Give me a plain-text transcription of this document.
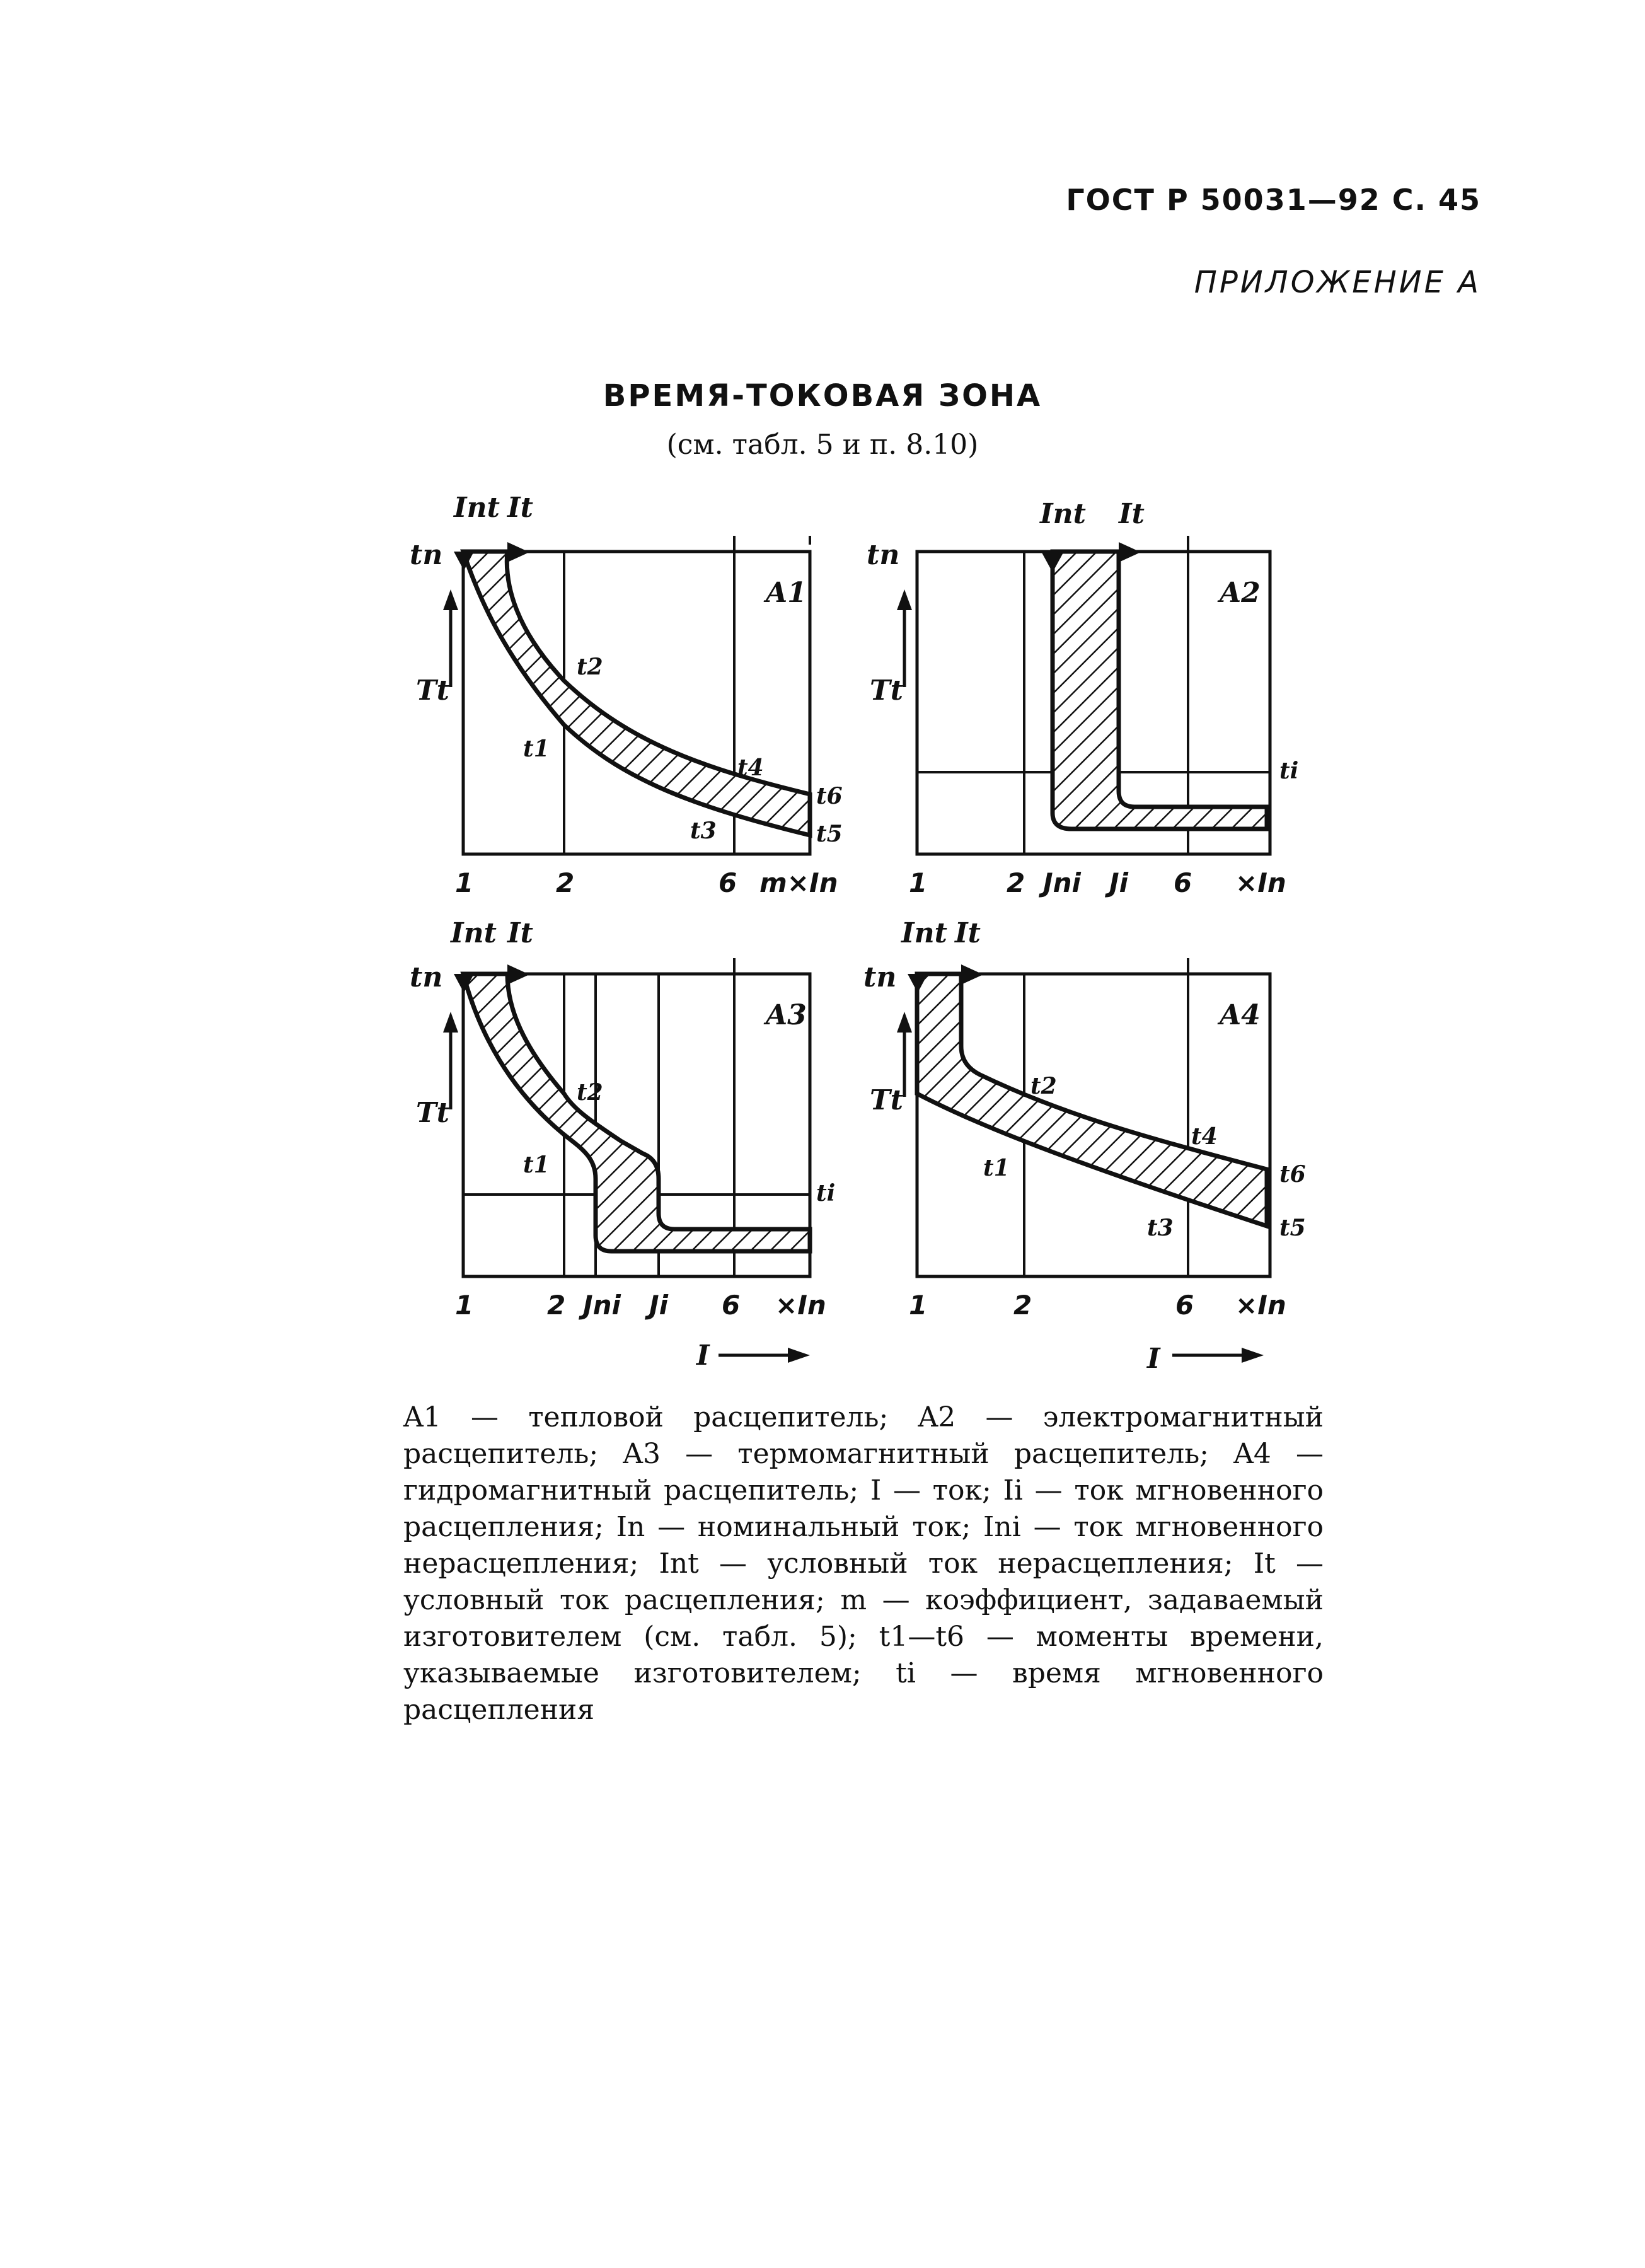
ГОСТ Р 50031—92 С. 45
ПРИЛОЖЕНИЕ А
ВРЕМЯ-ТОКОВАЯ ЗОНА
(см. табл. 5 и п. 8.10)
Int It
tn
Tt
A1
t2
t1
t4
t3
t6
t5
1	2	6 m×In
Int It
tn
Tt
A2
ti
1	2 Jni Ji 6 ×In
Int It
tn
Tt
A3
t2
t1
ti
1	2 Jni Ji 6 ×In
Int It
tn
Tt
A4
t2
t1
t4
t3
t6
t5
1	2	6 ×In
I	I

A1 — тепловой расцепитель; A2 — электромагнитный расцепитель; A3 — термомагнитный расцепитель; A4 — гидромагнитный расцепитель; I — ток; Ii — ток мгновенного расцепления; In — номинальный ток; Ini — ток мгновенного нерасцепления; Int — условный ток нерасцепления; It — условный ток расцепления; m — коэффициент, задаваемый изготовителем (см. табл. 5); t1—t6 — моменты времени, указываемые изготовителем; ti — время мгновенного расцепления
